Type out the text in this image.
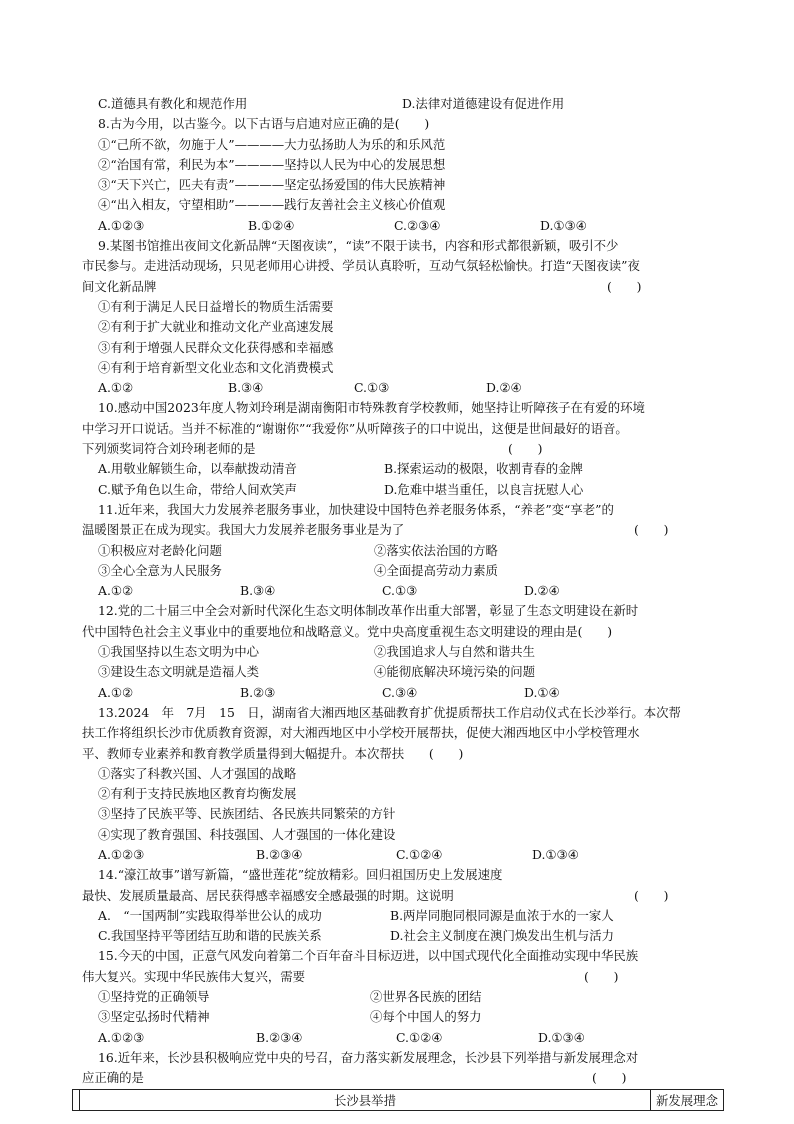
C.道德具有教化和规范作用	D.法律对道德建设有促进作用
8.古为今用，以古鉴今。以下古语与启迪对应正确的是(　　)
①“己所不欲，勿施于人”————大力弘扬助人为乐的和乐风范
②“治国有常，利民为本”————坚持以人民为中心的发展思想
③“天下兴亡，匹夫有责”————坚定弘扬爱国的伟大民族精神
④“出入相友，守望相助”————践行友善社会主义核心价值观
A.①②③	B.①②④	C.②③④	D.①③④
9.某图书馆推出夜间文化新品牌“天图夜读”，“读”不限于读书，内容和形式都很新颖，吸引不少
市民参与。走进活动现场，只见老师用心讲授、学员认真聆听，互动气氛轻松愉快。打造“天图夜读”夜
间文化新品牌	(　　)
①有利于满足人民日益增长的物质生活需要
②有利于扩大就业和推动文化产业高速发展
③有利于增强人民群众文化获得感和幸福感
④有利于培育新型文化业态和文化消费模式
A.①②	B.③④	C.①③	D.②④
10.感动中国2023年度人物刘玲琍是湖南衡阳市特殊教育学校教师，她坚持让听障孩子在有爱的环境
中学习开口说话。当并不标准的“谢谢你”“我爱你”从听障孩子的口中说出，这便是世间最好的语音。
下列颁奖词符合刘玲琍老师的是	(　　)
A.用敬业解锁生命，以奉献拨动清音	B.探索运动的极限，收割青春的金牌
C.赋予角色以生命，带给人间欢笑声	D.危难中堪当重任，以良言抚慰人心
11.近年来，我国大力发展养老服务事业，加快建设中国特色养老服务体系，“养老”变“享老”的
温暖图景正在成为现实。我国大力发展养老服务事业是为了	(　　)
①积极应对老龄化问题	②落实依法治国的方略
③全心全意为人民服务	④全面提高劳动力素质
A.①②	B.③④	C.①③	D.②④
12.党的二十届三中全会对新时代深化生态文明体制改革作出重大部署，彰显了生态文明建设在新时
代中国特色社会主义事业中的重要地位和战略意义。党中央高度重视生态文明建设的理由是(　　)
①我国坚持以生态文明为中心	②我国追求人与自然和谐共生
③建设生态文明就是造福人类	④能彻底解决环境污染的问题
A.①②	B.②③	C.③④	D.①④
13.2024　年　7月　15　日，湖南省大湘西地区基础教育扩优提质帮扶工作启动仪式在长沙举行。本次帮
扶工作将组织长沙市优质教育资源，对大湘西地区中小学校开展帮扶，促使大湘西地区中小学校管理水
平、教师专业素养和教育教学质量得到大幅提升。本次帮扶　　(　　)
①落实了科教兴国、人才强国的战略
②有利于支持民族地区教育均衡发展
③坚持了民族平等、民族团结、各民族共同繁荣的方针
④实现了教育强国、科技强国、人才强国的一体化建设
A.①②③	B.②③④	C.①②④	D.①③④
14.“濠江故事”谱写新篇，“盛世莲花”绽放精彩。回归祖国历史上发展速度
最快、发展质量最高、居民获得感幸福感安全感最强的时期。这说明	(　　)
A.　“一国两制”实践取得举世公认的成功	B.两岸同胞同根同源是血浓于水的一家人
C.我国坚持平等团结互助和谐的民族关系	D.社会主义制度在澳门焕发出生机与活力
15.今天的中国，正意气风发向着第二个百年奋斗目标迈进，以中国式现代化全面推动实现中华民族
伟大复兴。实现中华民族伟大复兴，需要	(　　)
①坚持党的正确领导	②世界各民族的团结
③坚定弘扬时代精神	④每个中国人的努力
A.①②③	B.②③④	C.①②④	D.①③④
16.近年来，长沙县积极响应党中央的号召，奋力落实新发展理念，长沙县下列举措与新发展理念对
应正确的是	(　　)
	长沙县举措	新发展理念
